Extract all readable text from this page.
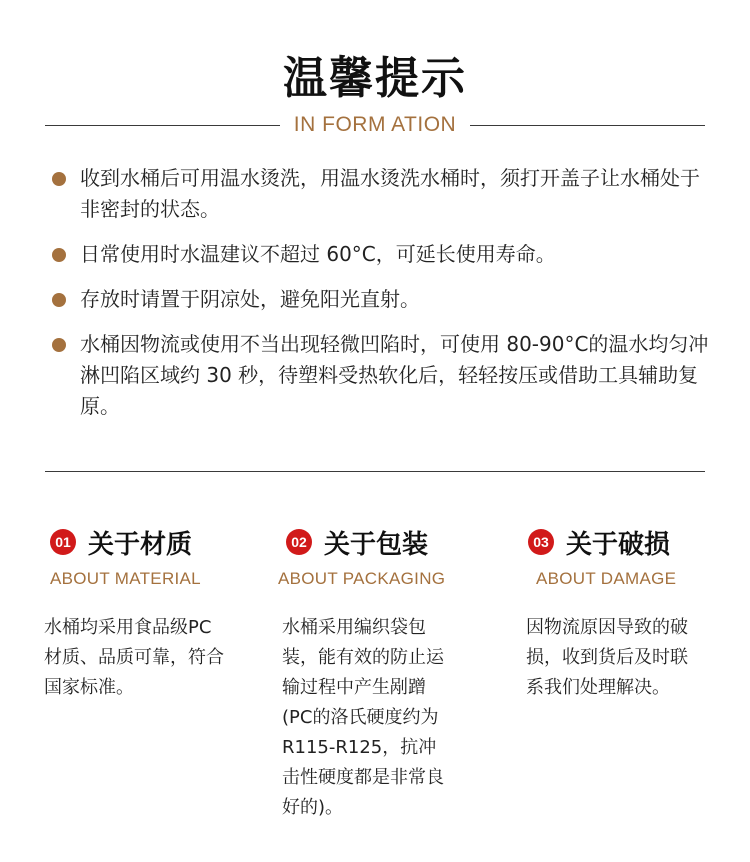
温馨提示
IN FORM ATION
收到水桶后可用温水烫洗，用温水烫洗水桶时，须打开盖子让水桶处于非密封的状态。
日常使用时水温建议不超过 60°C，可延长使用寿命。
存放时请置于阴凉处，避免阳光直射。
水桶因物流或使用不当出现轻微凹陷时，可使用 80-90°C的温水均匀冲淋凹陷区域约 30 秒，待塑料受热软化后，轻轻按压或借助工具辅助复原。
01 关于材质
ABOUT MATERIAL
水桶均采用食品级PC材质、品质可靠，符合国家标准。
02 关于包装
ABOUT PACKAGING
水桶采用编织袋包装，能有效的防止运输过程中产生剐蹭(PC的洛氏硬度约为R115-R125，抗冲击性硬度都是非常良好的)。
03 关于破损
ABOUT DAMAGE
因物流原因导致的破损，收到货后及时联系我们处理解决。
